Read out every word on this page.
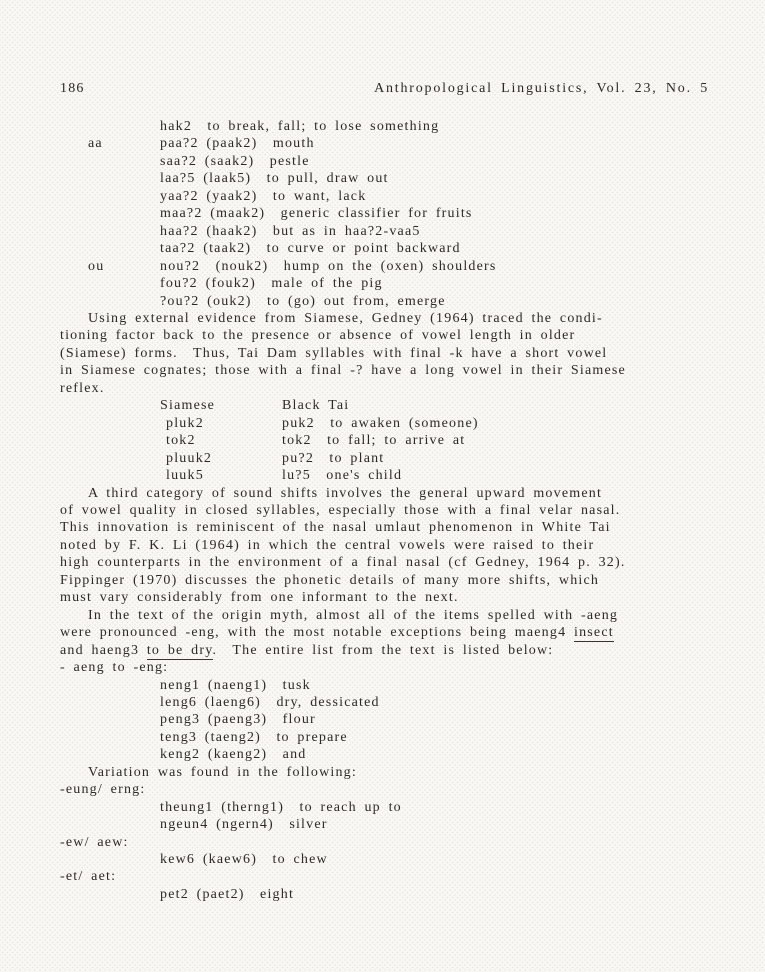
186	Anthropological Linguistics, Vol. 23, No. 5
hak2  to break, fall; to lose something
aa	paa?2 (paak2)  mouth
saa?2 (saak2)  pestle
laa?5 (laak5)  to pull, draw out
yaa?2 (yaak2)  to want, lack
maa?2 (maak2)  generic classifier for fruits
haa?2 (haak2)  but as in haa?2-vaa5
taa?2 (taak2)  to curve or point backward
ou	nou?2  (nouk2)  hump on the (oxen) shoulders
fou?2 (fouk2)  male of the pig
?ou?2 (ouk2)  to (go) out from, emerge
Using external evidence from Siamese, Gedney (1964) traced the condi-
tioning factor back to the presence or absence of vowel length in older
(Siamese) forms.  Thus, Tai Dam syllables with final -k have a short vowel
in Siamese cognates; those with a final -? have a long vowel in their Siamese
reflex.
Siamese	Black Tai
pluk2	puk2  to awaken (someone)
tok2	tok2  to fall; to arrive at
pluuk2	pu?2  to plant
luuk5	lu?5  one's child
A third category of sound shifts involves the general upward movement
of vowel quality in closed syllables, especially those with a final velar nasal.
This innovation is reminiscent of the nasal umlaut phenomenon in White Tai
noted by F. K. Li (1964) in which the central vowels were raised to their
high counterparts in the environment of a final nasal (cf Gedney, 1964 p. 32).
Fippinger (1970) discusses the phonetic details of many more shifts, which
must vary considerably from one informant to the next.
In the text of the origin myth, almost all of the items spelled with -aeng
were pronounced -eng, with the most notable exceptions being maeng4 insect
and haeng3 to be dry.  The entire list from the text is listed below:
- aeng to -eng:
neng1 (naeng1)  tusk
leng6 (laeng6)  dry, dessicated
peng3 (paeng3)  flour
teng3 (taeng2)  to prepare
keng2 (kaeng2)  and
Variation was found in the following:
-eung/ erng:
theung1 (therng1)  to reach up to
ngeun4 (ngern4)  silver
-ew/ aew:
kew6 (kaew6)  to chew
-et/ aet:
pet2 (paet2)  eight
